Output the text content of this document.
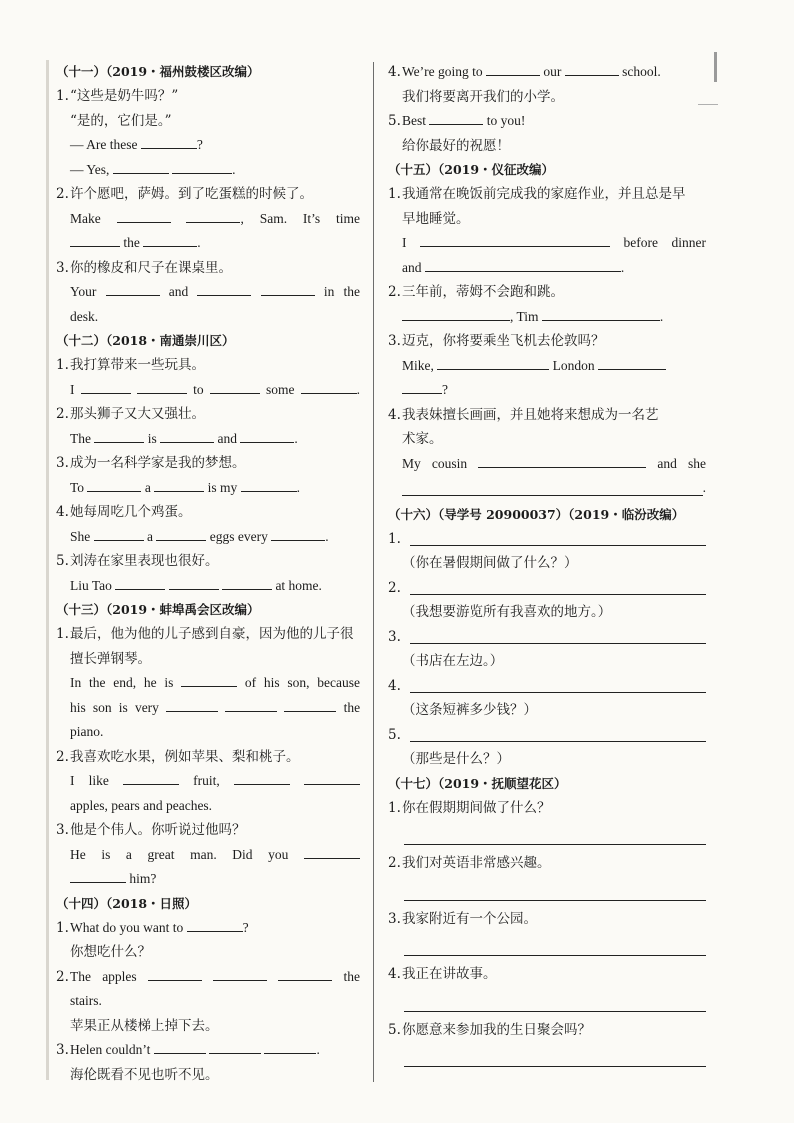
（十一）（2019・福州鼓楼区改编）
1. “这些是奶牛吗？”
“是的，它们是。”
— Are these	?
— Yes,	.
2. 许个愿吧，萨姆。到了吃蛋糕的时候了。
Make	, Sam. It’s time
the	.
3. 你的橡皮和尺子在课桌里。
Your	and	in the
desk.
（十二）（2018・南通崇川区）
1. 我打算带来一些玩具。
I	to	some	.
2. 那头狮子又大又强壮。
The	is	and	.
3. 成为一名科学家是我的梦想。
To	a	is my	.
4. 她每周吃几个鸡蛋。
She	a	eggs every	.
5. 刘涛在家里表现也很好。
Liu Tao	at home.
（十三）（2019・蚌埠禹会区改编）
1. 最后，他为他的儿子感到自豪，因为他的儿子很
擅长弹钢琴。
In the end, he is	of his son, because
his son is very	the
piano.
2. 我喜欢吃水果，例如苹果、梨和桃子。
I like	fruit,
apples, pears and peaches.
3. 他是个伟人。你听说过他吗？
He is a great man. Did you
him?
（十四）（2018・日照）
1. What do you want to	?
你想吃什么？
2. The apples	the
stairs.
苹果正从楼梯上掉下去。
3. Helen couldn’t	.
海伦既看不见也听不见。
4. We’re going to	our	school.
我们将要离开我们的小学。
5. Best	to you!
给你最好的祝愿！
（十五）（2019・仪征改编）
1. 我通常在晚饭前完成我的家庭作业，并且总是早
早地睡觉。
I	before dinner
and	.
2. 三年前，蒂姆不会跑和跳。
, Tim	.
3. 迈克，你将要乘坐飞机去伦敦吗？
Mike,	London
?
4. 我表妹擅长画画，并且她将来想成为一名艺
术家。
My cousin	and she
.
（十六）（导学号 20900037）（2019・临汾改编）
1.
（你在暑假期间做了什么？）
2.
（我想要游览所有我喜欢的地方。）
3.
（书店在左边。）
4.
（这条短裤多少钱？）
5.
（那些是什么？）
（十七）（2019・抚顺望花区）
1. 你在假期期间做了什么？
2. 我们对英语非常感兴趣。
3. 我家附近有一个公园。
4. 我正在讲故事。
5. 你愿意来参加我的生日聚会吗？
